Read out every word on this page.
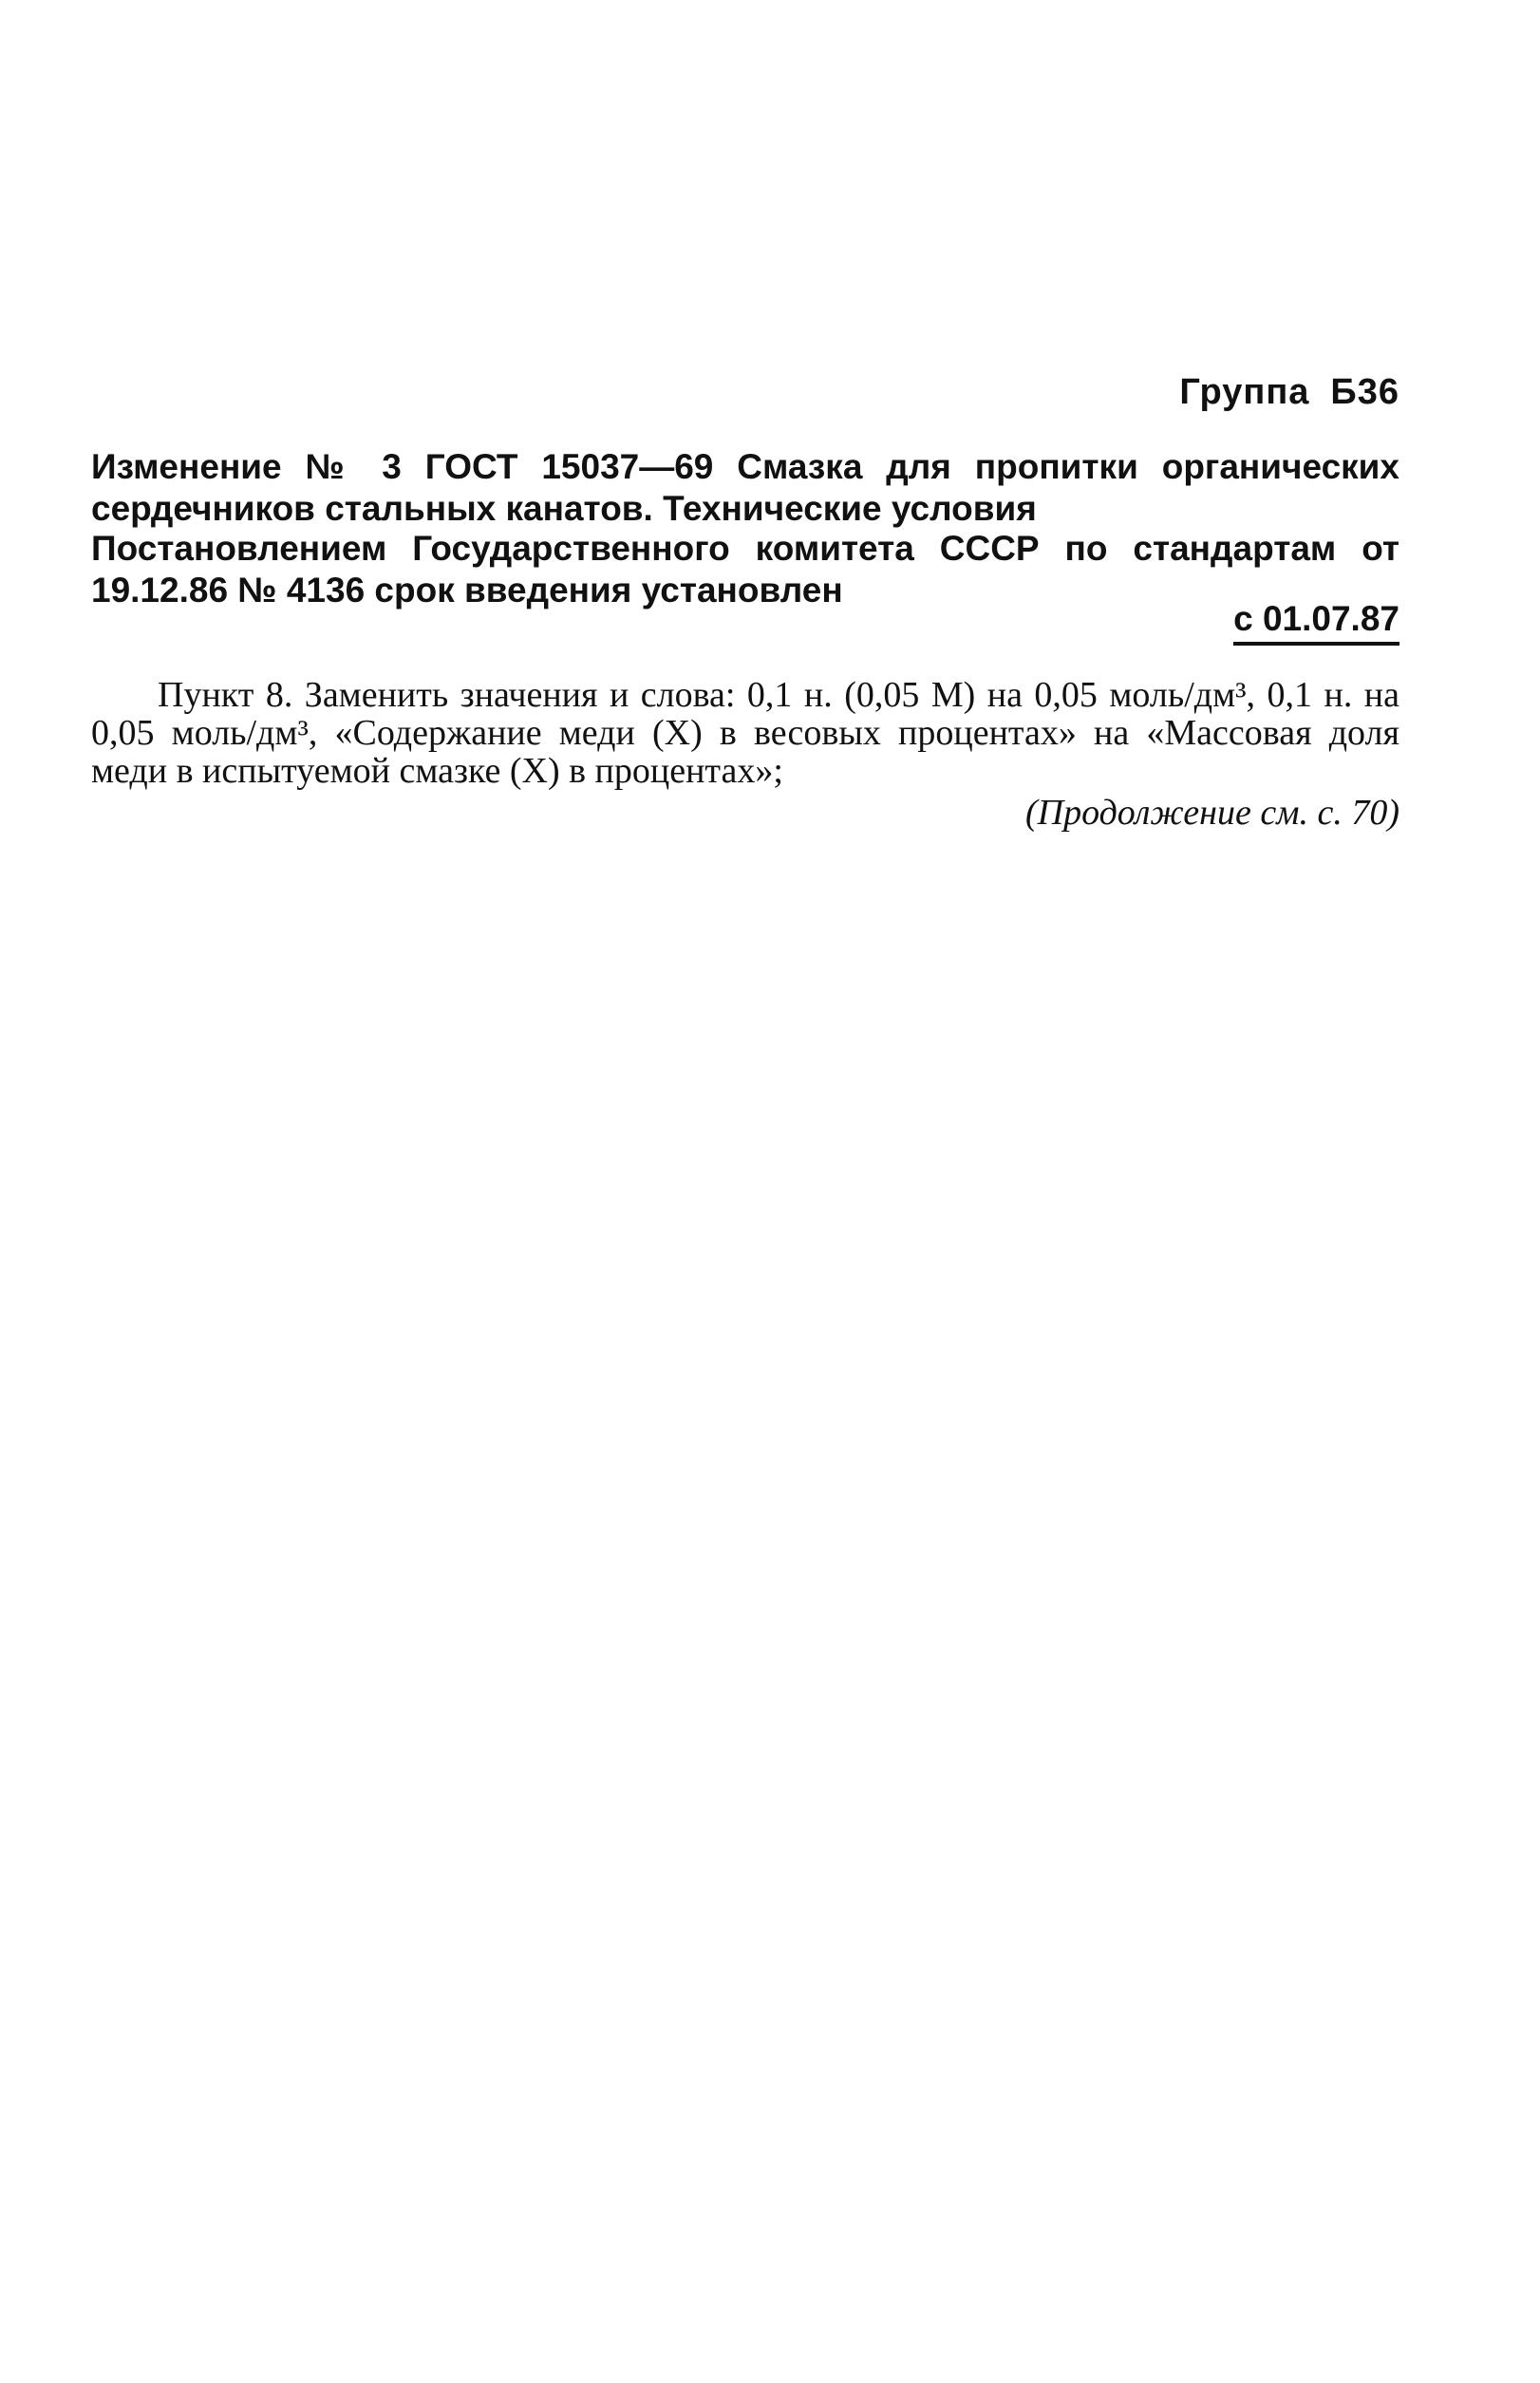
Группа Б36
Изменение № 3 ГОСТ 15037—69 Смазка для пропитки органических сердечников стальных канатов. Технические условия
Постановлением Государственного комитета СССР по стандартам от 19.12.86 № 4136 срок введения установлен
с 01.07.87
Пункт 8. Заменить значения и слова: 0,1 н. (0,05 М) на 0,05 моль/дм³, 0,1 н. на 0,05 моль/дм³, «Содержание меди (X) в весовых процентах» на «Массовая доля меди в испытуемой смазке (X) в процентах»;
(Продолжение см. с. 70)
